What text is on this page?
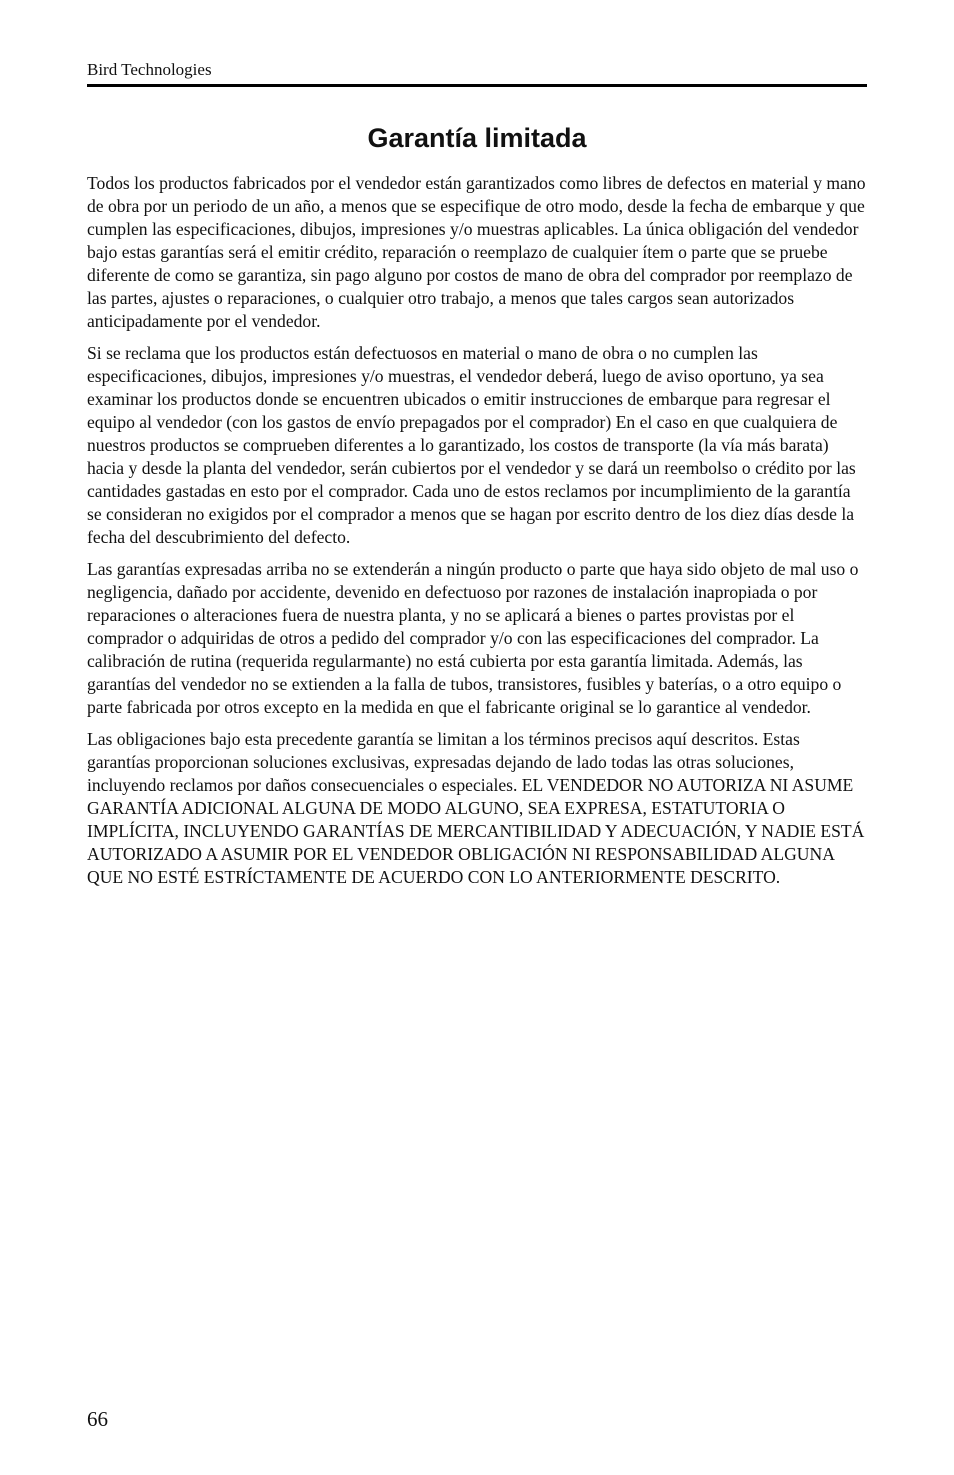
Bird Technologies
Garantía limitada

Todos los productos fabricados por el vendedor están garantizados como libres de defectos en material y mano de obra por un periodo de un año, a menos que se especifique de otro modo, desde la fecha de embarque y que cumplen las especificaciones, dibujos, impresiones y/o muestras aplicables. La única obligación del vendedor bajo estas garantías será el emitir crédito, reparación o reemplazo de cualquier ítem o parte que se pruebe diferente de como se garantiza, sin pago alguno por costos de mano de obra del comprador por reemplazo de las partes, ajustes o reparaciones, o cualquier otro trabajo, a menos que tales cargos sean autorizados anticipadamente por el vendedor.

Si se reclama que los productos están defectuosos en material o mano de obra o no cumplen las especificaciones, dibujos, impresiones y/o muestras, el vendedor deberá, luego de aviso oportuno, ya sea examinar los productos donde se encuentren ubicados o emitir instrucciones de embarque para regresar el equipo al vendedor (con los gastos de envío prepagados por el comprador) En el caso en que cualquiera de nuestros productos se comprueben diferentes a lo garantizado, los costos de transporte (la vía más barata) hacia y desde la planta del vendedor, serán cubiertos por el vendedor y se dará un reembolso o crédito por las cantidades gastadas en esto por el comprador. Cada uno de estos reclamos por incumplimiento de la garantía se consideran no exigidos por el comprador a menos que se hagan por escrito dentro de los diez días desde la fecha del descubrimiento del defecto.

Las garantías expresadas arriba no se extenderán a ningún producto o parte que haya sido objeto de mal uso o negligencia, dañado por accidente, devenido en defectuoso por razones de instalación inapropiada o por reparaciones o alteraciones fuera de nuestra planta, y no se aplicará a bienes o partes provistas por el comprador o adquiridas de otros a pedido del comprador y/o con las especificaciones del comprador. La calibración de rutina (requerida regularmante) no está cubierta por esta garantía limitada. Además, las garantías del vendedor no se extienden a la falla de tubos, transistores, fusibles y baterías, o a otro equipo o parte fabricada por otros excepto en la medida en que el fabricante original se lo garantice al vendedor.

Las obligaciones bajo esta precedente garantía se limitan a los términos precisos aquí descritos. Estas garantías proporcionan soluciones exclusivas, expresadas dejando de lado todas las otras soluciones, incluyendo reclamos por daños consecuenciales o especiales. EL VENDEDOR NO AUTORIZA NI ASUME GARANTÍA ADICIONAL ALGUNA DE MODO ALGUNO, SEA EXPRESA, ESTATUTORIA O IMPLÍCITA, INCLUYENDO GARANTÍAS DE MERCANTIBILIDAD Y ADECUACIÓN, Y NADIE ESTÁ AUTORIZADO A ASUMIR POR EL VENDEDOR OBLIGACIÓN NI RESPONSABILIDAD ALGUNA QUE NO ESTÉ ESTRÍCTAMENTE DE ACUERDO CON LO ANTERIORMENTE DESCRITO.

66
